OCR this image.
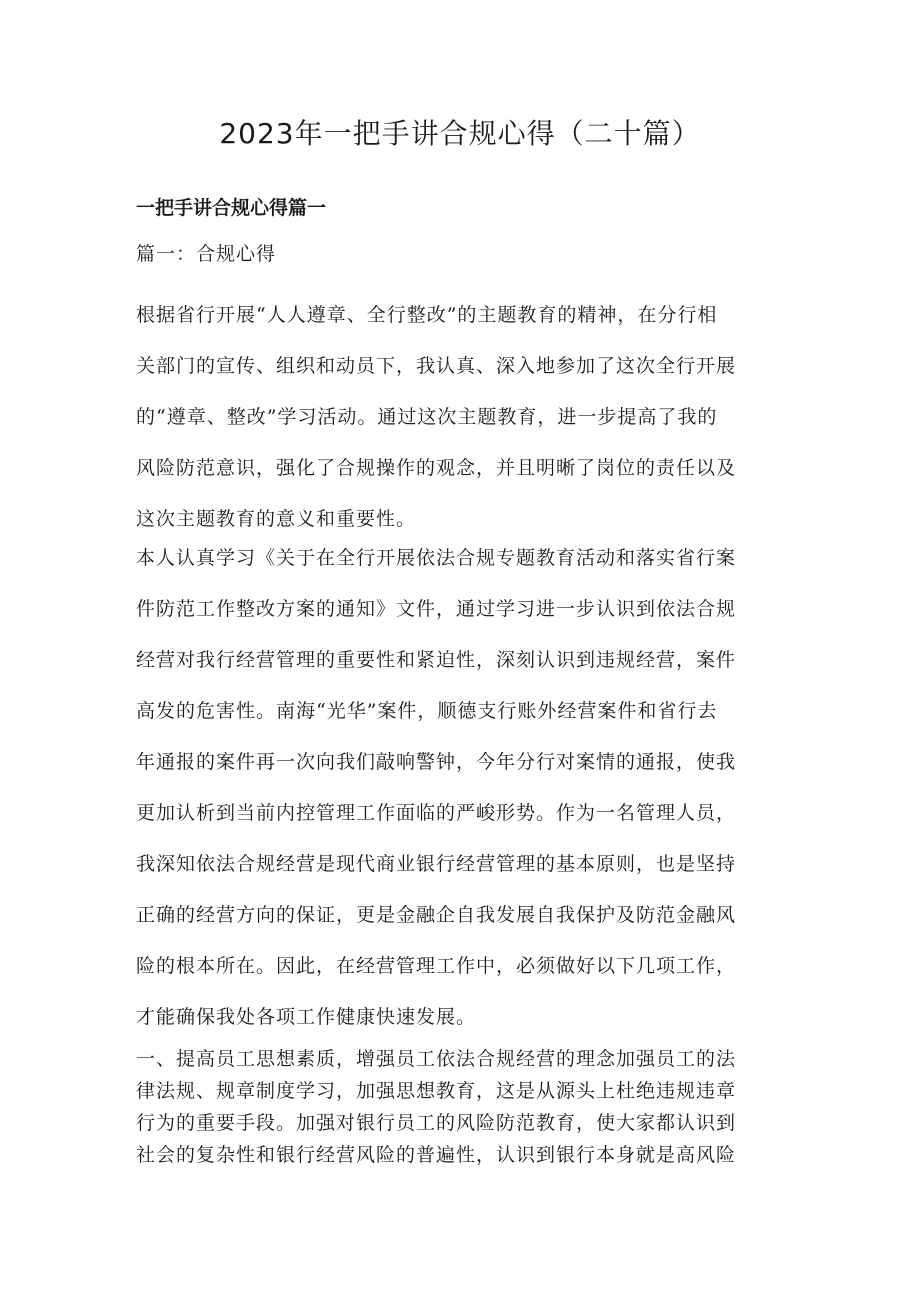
2023年一把手讲合规心得（二十篇）
一把手讲合规心得篇一

篇一：合规心得

根据省行开展“人人遵章、全行整改”的主题教育的精神，在分行相
关部门的宣传、组织和动员下，我认真、深入地参加了这次全行开展
的“遵章、整改”学习活动。通过这次主题教育，进一步提高了我的
风险防范意识，强化了合规操作的观念，并且明晰了岗位的责任以及
这次主题教育的意义和重要性。
本人认真学习《关于在全行开展依法合规专题教育活动和落实省行案
件防范工作整改方案的通知》文件，通过学习进一步认识到依法合规
经营对我行经营管理的重要性和紧迫性，深刻认识到违规经营，案件
高发的危害性。南海“光华”案件，顺德支行账外经营案件和省行去
年通报的案件再一次向我们敲响警钟，今年分行对案情的通报，使我
更加认析到当前内控管理工作面临的严峻形势。作为一名管理人员，
我深知依法合规经营是现代商业银行经营管理的基本原则，也是坚持
正确的经营方向的保证，更是金融企自我发展自我保护及防范金融风
险的根本所在。因此，在经营管理工作中，必须做好以下几项工作，
才能确保我处各项工作健康快速发展。
一、提高员工思想素质，增强员工依法合规经营的理念加强员工的法
律法规、规章制度学习，加强思想教育，这是从源头上杜绝违规违章
行为的重要手段。加强对银行员工的风险防范教育，使大家都认识到
社会的复杂性和银行经营风险的普遍性，认识到银行本身就是高风险
